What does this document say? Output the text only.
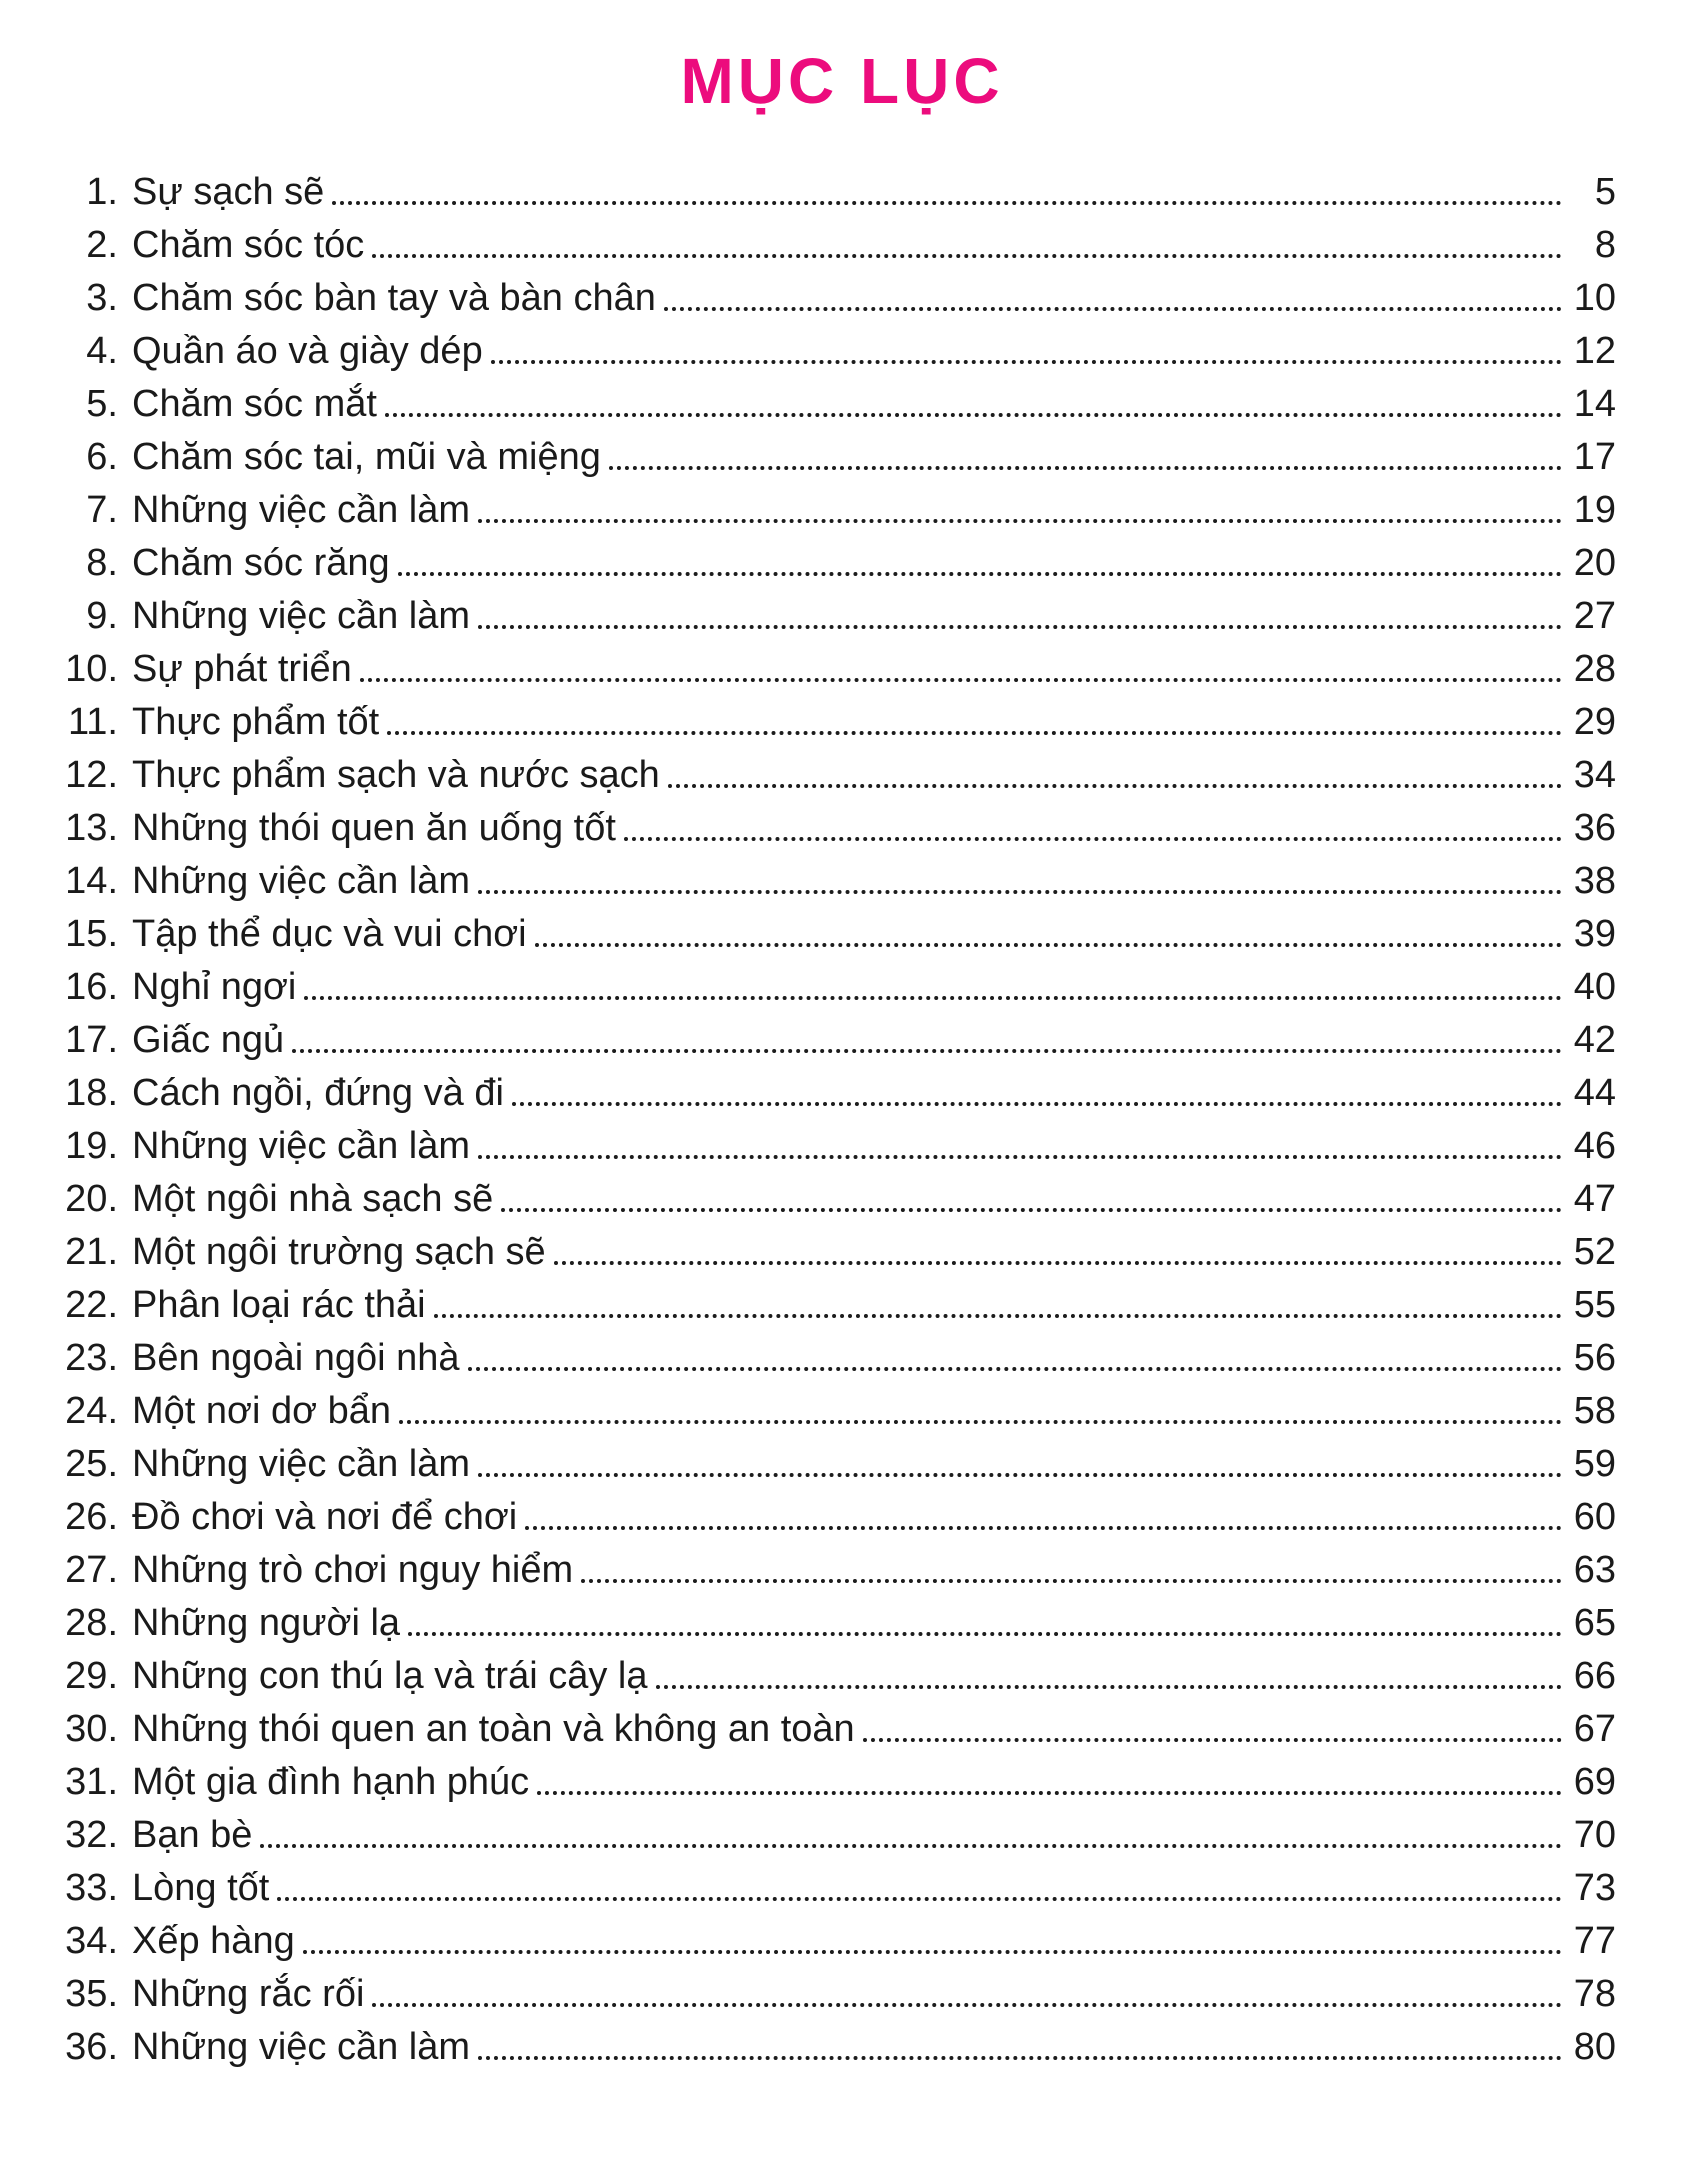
MỤC LỤC
1. Sự sạch sẽ	5
2. Chăm sóc tóc	8
3. Chăm sóc bàn tay và bàn chân	10
4. Quần áo và giày dép	12
5. Chăm sóc mắt	14
6. Chăm sóc tai, mũi và miệng	17
7. Những việc cần làm	19
8. Chăm sóc răng	20
9. Những việc cần làm	27
10. Sự phát triển	28
11. Thực phẩm tốt	29
12. Thực phẩm sạch và nước sạch	34
13. Những thói quen ăn uống tốt	36
14. Những việc cần làm	38
15. Tập thể dục và vui chơi	39
16. Nghỉ ngơi	40
17. Giấc ngủ	42
18. Cách ngồi, đứng và đi	44
19. Những việc cần làm	46
20. Một ngôi nhà sạch sẽ	47
21. Một ngôi trường sạch sẽ	52
22. Phân loại rác thải	55
23. Bên ngoài ngôi nhà	56
24. Một nơi dơ bẩn	58
25. Những việc cần làm	59
26. Đồ chơi và nơi để chơi	60
27. Những trò chơi nguy hiểm	63
28. Những người lạ	65
29. Những con thú lạ và trái cây lạ	66
30. Những thói quen an toàn và không an toàn	67
31. Một gia đình hạnh phúc	69
32. Bạn bè	70
33. Lòng tốt	73
34. Xếp hàng	77
35. Những rắc rối	78
36. Những việc cần làm	80
